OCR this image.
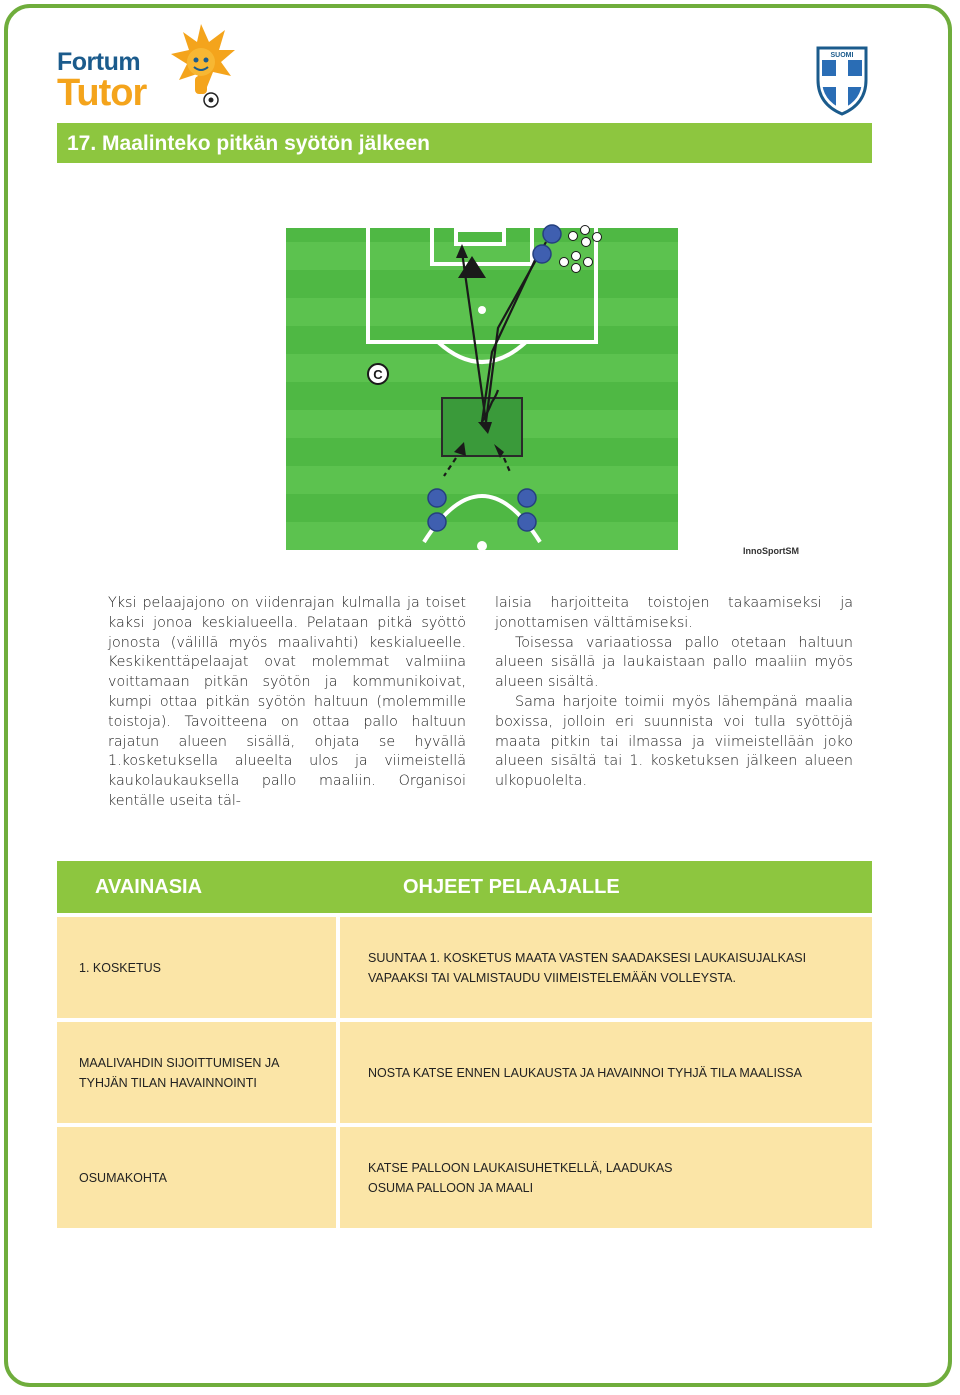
Fortum
Tutor
SUOMI
17. Maalinteko pitkän syötön jälkeen
C
InnoSportSM

Yksi pelaajajono on viidenrajan kulmalla ja toiset kaksi jonoa keskialueella. Pelataan pitkä syöttö jonosta (välillä myös maalivahti) keskialueelle. Keskikenttäpelaajat ovat molemmat valmiina voittamaan pitkän syötön ja kommunikoivat, kumpi ottaa pitkän syötön haltuun (molemmille toistoja). Tavoitteena on ottaa pallo haltuun rajatun alueen sisällä, ohjata se hyvällä 1.kosketuksella alueelta ulos ja viimeistellä kaukolaukauksella pallo maaliin. Organisoi kentälle useita täl-

laisia harjoitteita toistojen takaamiseksi ja jonottamisen välttämiseksi.

Toisessa variaatiossa pallo otetaan haltuun alueen sisällä ja laukaistaan pallo maaliin myös alueen sisältä.

Sama harjoite toimii myös lähempänä maalia boxissa, jolloin eri suunnista voi tulla syöttöjä maata pitkin tai ilmassa ja viimeistellään joko alueen sisältä tai 1. kosketuksen jälkeen alueen ulkopuolelta.

AVAINASIA	OHJEET PELAAJALLE
1. KOSKETUS
SUUNTAA 1. KOSKETUS MAATA VASTEN SAADAKSESI LAUKAISUJALKASI
VAPAAKSI TAI VALMISTAUDU VIIMEISTELEMÄÄN VOLLEYSTA.
MAALIVAHDIN SIJOITTUMISEN JA
TYHJÄN TILAN HAVAINNOINTI
NOSTA KATSE ENNEN LAUKAUSTA JA HAVAINNOI TYHJÄ TILA MAALISSA
OSUMAKOHTA
KATSE PALLOON LAUKAISUHETKELLÄ, LAADUKAS
OSUMA PALLOON JA MAALI
